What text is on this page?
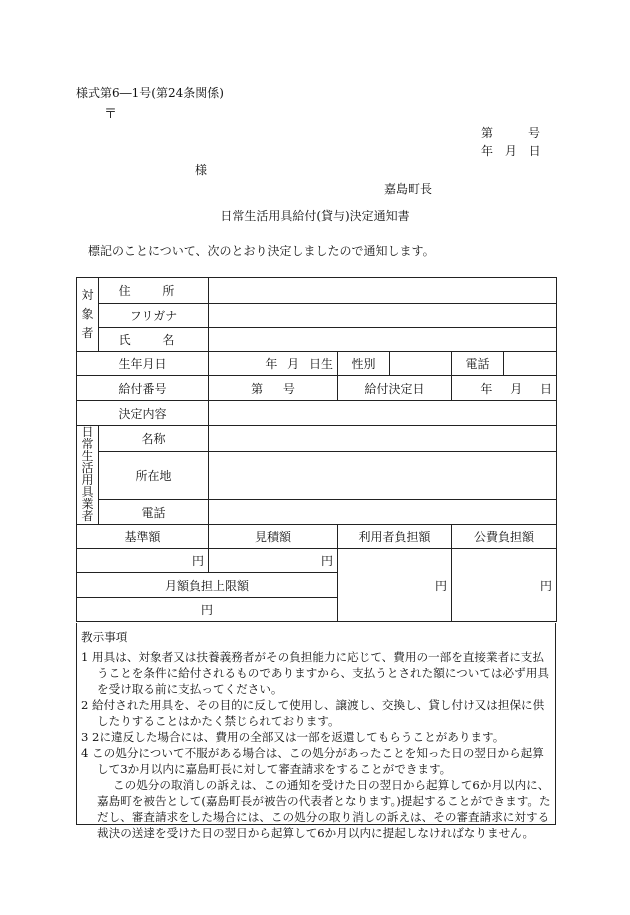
様式第6―1号(第24条関係)
〒
第	号
年 月 日
様
嘉島町長
日常生活用具給付(貸与)決定通知書
標記のことについて、次のとおり決定しましたので通知します。
対象者	住 所					
	フリガナ					
	氏 名					
生年月日		年 月 日生	性別		電話	
給付番号		第 号	給付決定日		年 月 日	
決定内容						
日常生活用具業者	名称					
	所在地					
	電話					
基準額		見積額	利用者負担額		公費負担額	
円		円	円		円	
月額負担上限額						
円						

教示事項

1 用具は、対象者又は扶養義務者がその負担能力に応じて、費用の一部を直接業者に支払うことを条件に給付されるものでありますから、支払うとされた額については必ず用具を受け取る前に支払ってください。

2 給付された用具を、その目的に反して使用し、譲渡し、交換し、貸し付け又は担保に供したりすることはかたく禁じられております。

3 2に違反した場合には、費用の全部又は一部を返還してもらうことがあります。

4 この処分について不服がある場合は、この処分があったことを知った日の翌日から起算して3か月以内に嘉島町長に対して審査請求をすることができます。

この処分の取消しの訴えは、この通知を受けた日の翌日から起算して6か月以内に、嘉島町を被告として(嘉島町長が被告の代表者となります。)提起することができます。ただし、審査請求をした場合には、この処分の取り消しの訴えは、その審査請求に対する裁決の送達を受けた日の翌日から起算して6か月以内に提起しなければなりません。
